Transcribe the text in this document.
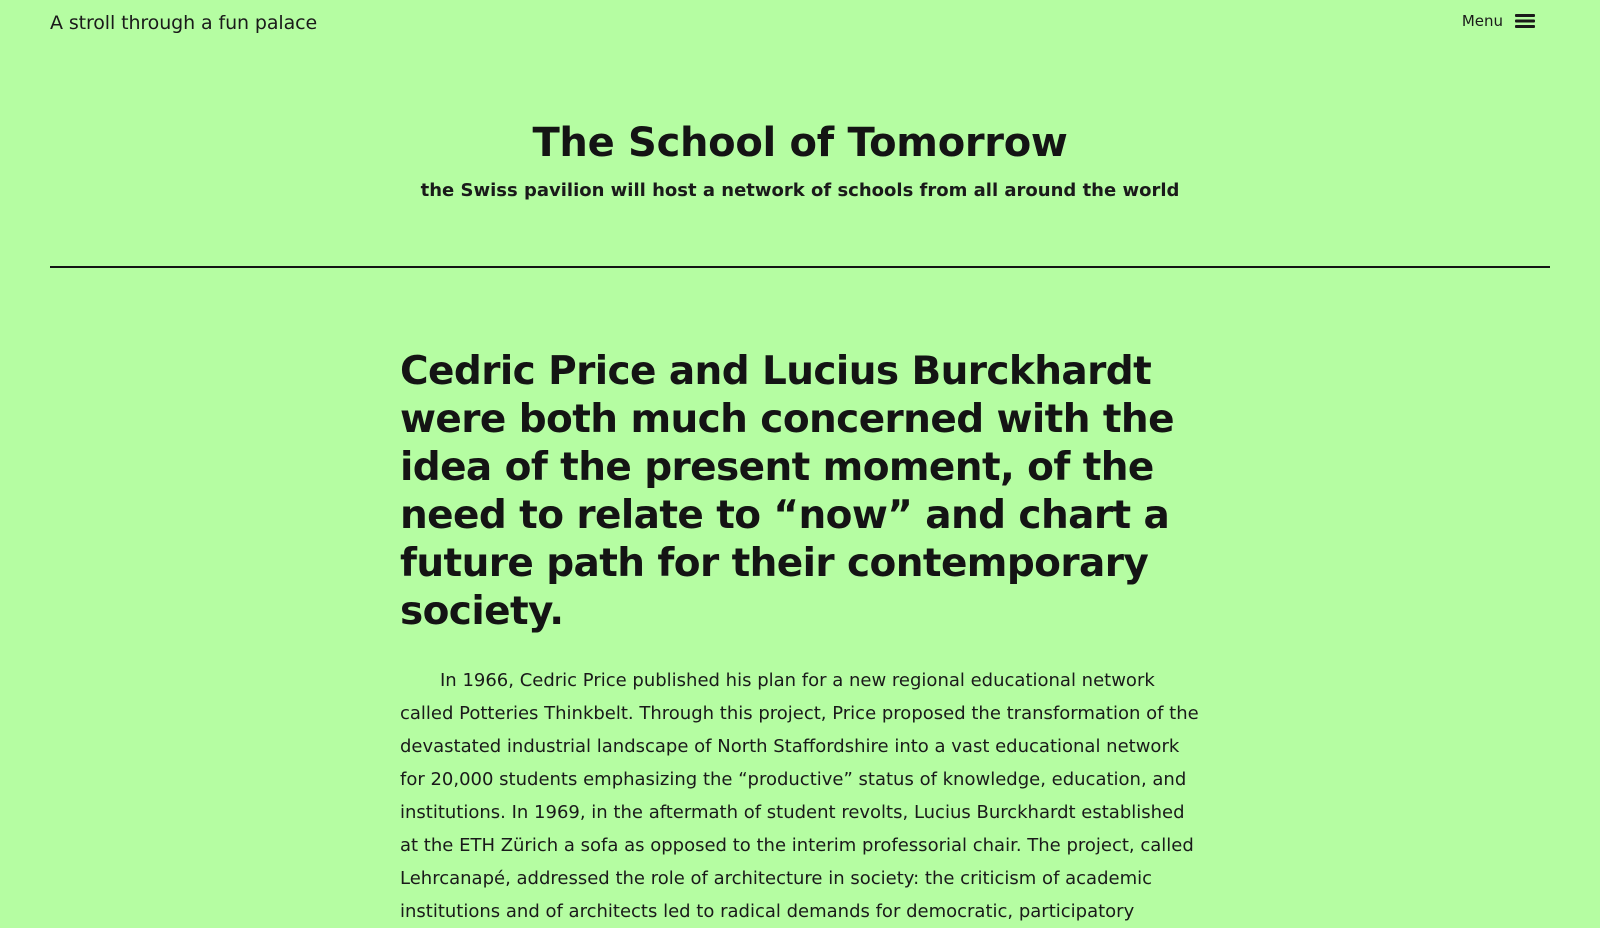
A stroll through a fun palace	Menu
The School of Tomorrow

the Swiss pavilion will host a network of schools from all around the world

Cedric Price and Lucius Burckhardt were both much concerned with the idea of the present moment, of the need to relate to “now” and chart a future path for their contemporary society.

In 1966, Cedric Price published his plan for a new regional educational network called Potteries Thinkbelt. Through this project, Price proposed the transformation of the devastated industrial landscape of North Staffordshire into a vast educational network for 20,000 students emphasizing the “productive” status of knowledge, education, and institutions. In 1969, in the aftermath of student revolts, Lucius Burckhardt established at the ETH Zürich a sofa as opposed to the interim professorial chair. The project, called Lehrcanapé, addressed the role of architecture in society: the criticism of academic institutions and of architects led to radical demands for democratic, participatory
